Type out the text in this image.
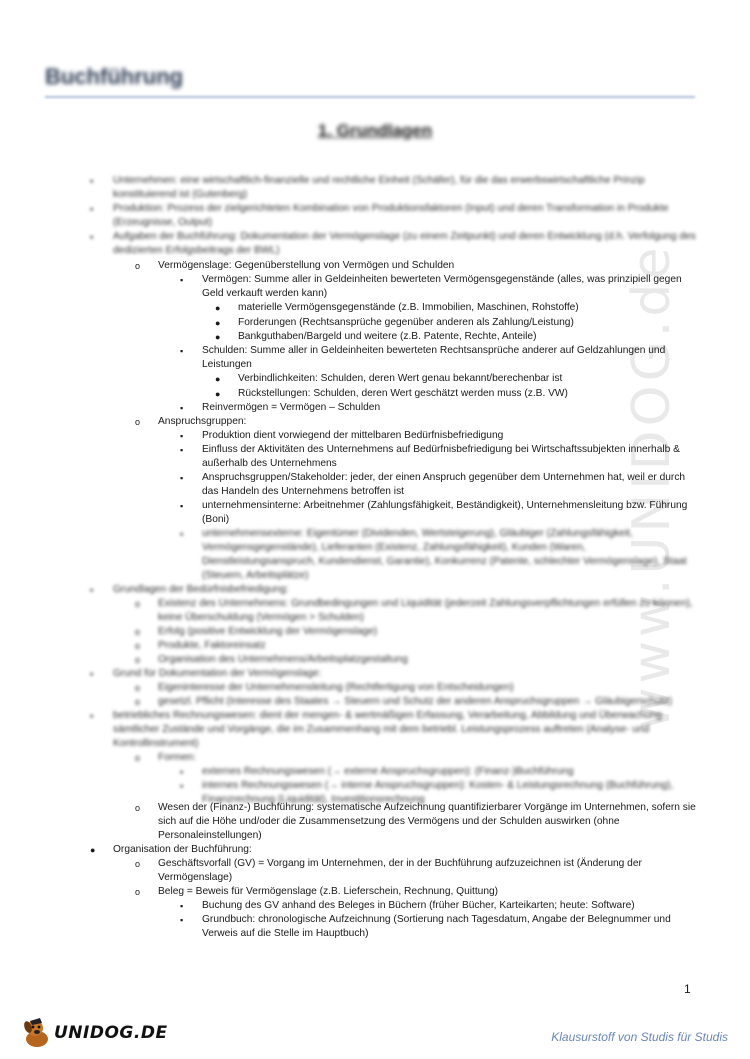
www.UNIDOG.de
Buchführung
1. Grundlagen
▪ Unternehmen: eine wirtschaftlich-finanzielle und rechtliche Einheit (Schäfer), für die das erwerbswirtschaftliche Prinzip konstituierend ist (Gutenberg)
▪ Produktion: Prozess der zielgerichteten Kombination von Produktionsfaktoren (Input) und deren Transformation in Produkte (Erzeugnisse, Output)
▪ Aufgaben der Buchführung: Dokumentation der Vermögenslage (zu einem Zeitpunkt) und deren Entwicklung (d.h. Verfolgung des dedizierten Erfolgsbeitrags der BWL)
o Vermögenslage: Gegenüberstellung von Vermögen und Schulden
▪ Vermögen: Summe aller in Geldeinheiten bewerteten Vermögensgegenstände (alles, was prinzipiell gegen Geld verkauft werden kann)
● materielle Vermögensgegenstände (z.B. Immobilien, Maschinen, Rohstoffe)
● Forderungen (Rechtsansprüche gegenüber anderen als Zahlung/Leistung)
● Bankguthaben/Bargeld und weitere (z.B. Patente, Rechte, Anteile)
▪ Schulden: Summe aller in Geldeinheiten bewerteten Rechtsansprüche anderer auf Geldzahlungen und Leistungen
● Verbindlichkeiten: Schulden, deren Wert genau bekannt/berechenbar ist
● Rückstellungen: Schulden, deren Wert geschätzt werden muss (z.B. VW)
▪ Reinvermögen = Vermögen – Schulden
o Anspruchsgruppen:
▪ Produktion dient vorwiegend der mittelbaren Bedürfnisbefriedigung
▪ Einfluss der Aktivitäten des Unternehmens auf Bedürfnisbefriedigung bei Wirtschaftssubjekten innerhalb & außerhalb des Unternehmens
▪ Anspruchsgruppen/Stakeholder: jeder, der einen Anspruch gegenüber dem Unternehmen hat, weil er durch das Handeln des Unternehmens betroffen ist
▪ unternehmensinterne: Arbeitnehmer (Zahlungsfähigkeit, Beständigkeit), Unternehmensleitung bzw. Führung (Boni)
▪ unternehmensexterne: Eigentümer (Dividenden, Wertsteigerung), Gläubiger (Zahlungsfähigkeit, Vermögensgegenstände), Lieferanten (Existenz, Zahlungsfähigkeit), Kunden (Waren, Dienstleistungsanspruch, Kundendienst, Garantie), Konkurrenz (Patente, schlechter Vermögenslage), Staat (Steuern, Arbeitsplätze)
▪ Grundlagen der Bedürfnisbefriedigung:
o Existenz des Unternehmens: Grundbedingungen und Liquidität (jederzeit Zahlungsverpflichtungen erfüllen zu können), keine Überschuldung (Vermögen > Schulden)
o Erfolg (positive Entwicklung der Vermögenslage)
o Produkte, Faktoreinsatz
o Organisation des Unternehmens/Arbeitsplatzgestaltung
▪ Grund für Dokumentation der Vermögenslage:
o Eigeninteresse der Unternehmensleitung (Rechtfertigung von Entscheidungen)
o gesetzl. Pflicht (Interesse des Staates → Steuern und Schutz der anderen Anspruchsgruppen → Gläubigerschutz)
▪ betriebliches Rechnungswesen: dient der mengen- & wertmäßigen Erfassung, Verarbeitung, Abbildung und Überwachung sämtlicher Zustände und Vorgänge, die im Zusammenhang mit dem betriebl. Leistungsprozess auftreten (Analyse- und Kontrollinstrument)
o Formen:
▪ externes Rechnungswesen (→ externe Anspruchsgruppen): (Finanz-)Buchführung
▪ internes Rechnungswesen (→ interne Anspruchsgruppen): Kosten- & Leistungsrechnung (Buchführung), Finanzrechnung (Liquidität), Investitionsrechnung
o Wesen der (Finanz-) Buchführung: systematische Aufzeichnung quantifizierbarer Vorgänge im Unternehmen, sofern sie sich auf die Höhe und/oder die Zusammensetzung des Vermögens und der Schulden auswirken (ohne Personaleinstellungen)
● Organisation der Buchführung:
o Geschäftsvorfall (GV) = Vorgang im Unternehmen, der in der Buchführung aufzuzeichnen ist (Änderung der Vermögenslage)
o Beleg = Beweis für Vermögenslage (z.B. Lieferschein, Rechnung, Quittung)
▪ Buchung des GV anhand des Beleges in Büchern (früher Bücher, Karteikarten; heute: Software)
▪ Grundbuch: chronologische Aufzeichnung (Sortierung nach Tagesdatum, Angabe der Belegnummer und Verweis auf die Stelle im Hauptbuch)
1
UNIDOG.DE	Klausurstoff von Studis für Studis
